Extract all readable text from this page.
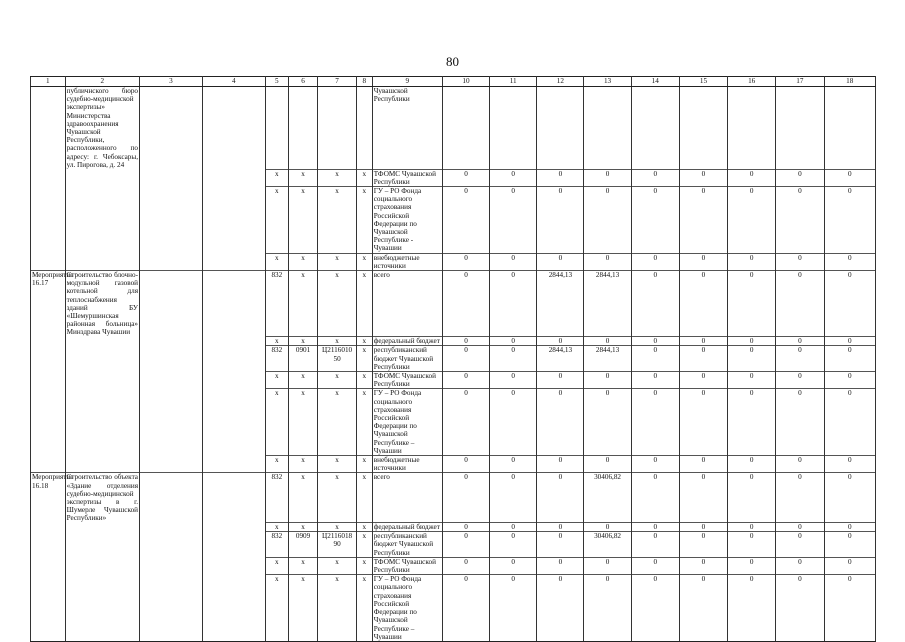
80
1	2	3	4	5	6	7	8	9	10	11	12	13	14	15	16	17	18
	публичнского бюро судебно-медицинской экспертизы» Министерства здравоохранения Чувашской Республики, расположенного по адресу: г. Чебоксары, ул. Пирогова, д. 24							Чувашской Республики									
				x	x	x	x	ТФОМС Чувашской Республики	0	0	0	0	0	0	0	0	0
				x	x	x	x	ГУ – РО Фонда социального страхования Российской Федерации по Чувашской Республике - Чувашии	0	0	0	0	0	0	0	0	0
				x	x	x	x	внебюджетные источники	0	0	0	0	0	0	0	0	0
Мероприятие 16.17	Строительство блочно-модульной газовой котельной для теплоснабжения зданий БУ «Шемуршинская районная больница» Минздрава Чувашии			832	x	x	x	всего	0	0	2844,13	2844,13	0	0	0	0	0
				x	x	x	x	федеральный бюджет	0	0	0	0	0	0	0	0	0
				832	0901	Ц2116010 50	x	республиканский бюджет Чувашской Республики	0	0	2844,13	2844,13	0	0	0	0	0
				x	x	x	x	ТФОМС Чувашской Республики	0	0	0	0	0	0	0	0	0
				x	x	x	x	ГУ – РО Фонда социального страхования Российской Федерации по Чувашской Республике – Чувашии	0	0	0	0	0	0	0	0	0
				x	x	x	x	внебюджетные источники	0	0	0	0	0	0	0	0	0
Мероприятие 16.18	Строительство объекта «Здание отделения судебно-медицинской экспертизы в г. Шумерле Чувашской Республики»			832	x	x	x	всего	0	0	0	30406,82	0	0	0	0	0
				x	x	x	x	федеральный бюджет	0	0	0	0	0	0	0	0	0
				832	0909	Ц2116018 90	x	республиканский бюджет Чувашской Республики	0	0	0	30406,82	0	0	0	0	0
				x	x	x	x	ТФОМС Чувашской Республики	0	0	0	0	0	0	0	0	0
				x	x	x	x	ГУ – РО Фонда социального страхования Российской Федерации по Чувашской Республике – Чувашии	0	0	0	0	0	0	0	0	0
